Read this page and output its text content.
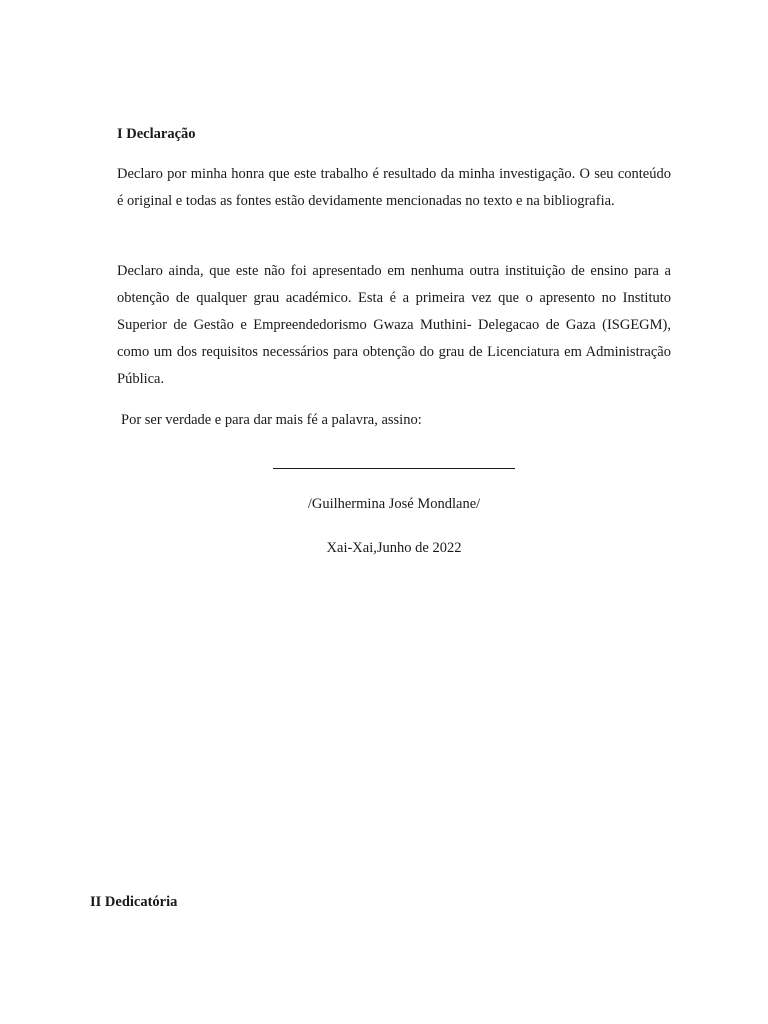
I Declaração

Declaro por minha honra que este trabalho é resultado da minha investigação. O seu conteúdo é original e todas as fontes estão devidamente mencionadas no texto e na bibliografia.

Declaro ainda, que este não foi apresentado em nenhuma outra instituição de ensino para a obtenção de qualquer grau académico. Esta é a primeira vez que o apresento no Instituto Superior de Gestão e Empreendedorismo Gwaza Muthini- Delegacao de Gaza (ISGEGM), como um dos requisitos necessários para obtenção do grau de Licenciatura em Administração Pública.

Por ser verdade e para dar mais fé a palavra, assino:

/Guilhermina José Mondlane/

Xai-Xai,Junho de 2022

II Dedicatória
